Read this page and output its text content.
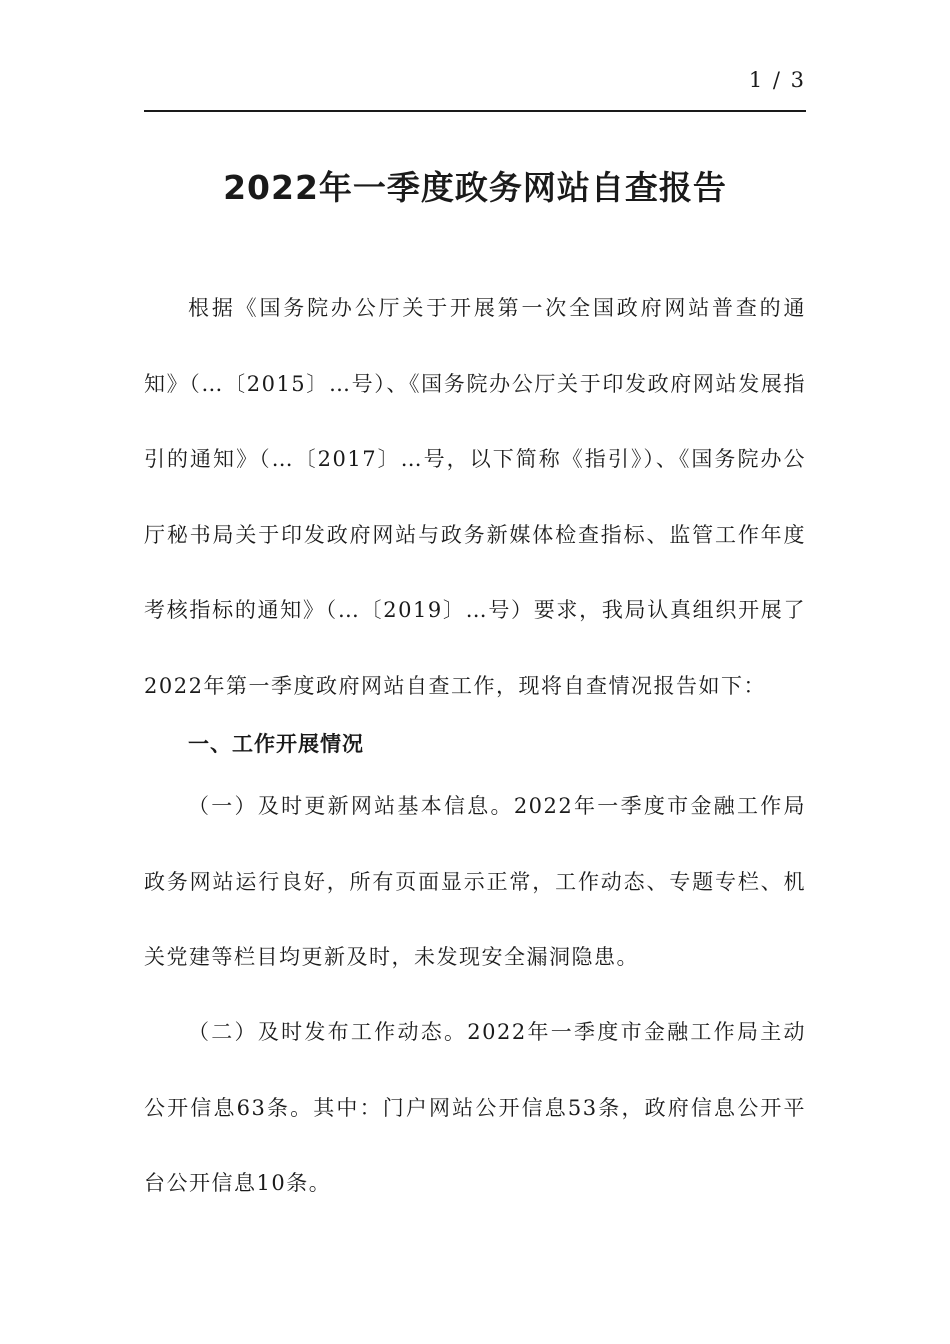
1 / 3
2022年一季度政务网站自查报告

根据《国务院办公厅关于开展第一次全国政府网站普查的通知》（…〔2015〕…号）、《国务院办公厅关于印发政府网站发展指引的通知》（…〔2017〕…号，以下简称《指引》）、《国务院办公厅秘书局关于印发政府网站与政务新媒体检查指标、监管工作年度考核指标的通知》（…〔2019〕…号）要求，我局认真组织开展了2022年第一季度政府网站自查工作，现将自查情况报告如下：

一、工作开展情况

（一）及时更新网站基本信息。2022年一季度市金融工作局政务网站运行良好，所有页面显示正常，工作动态、专题专栏、机关党建等栏目均更新及时，未发现安全漏洞隐患。

（二）及时发布工作动态。2022年一季度市金融工作局主动公开信息63条。其中：门户网站公开信息53条，政府信息公开平台公开信息10条。
